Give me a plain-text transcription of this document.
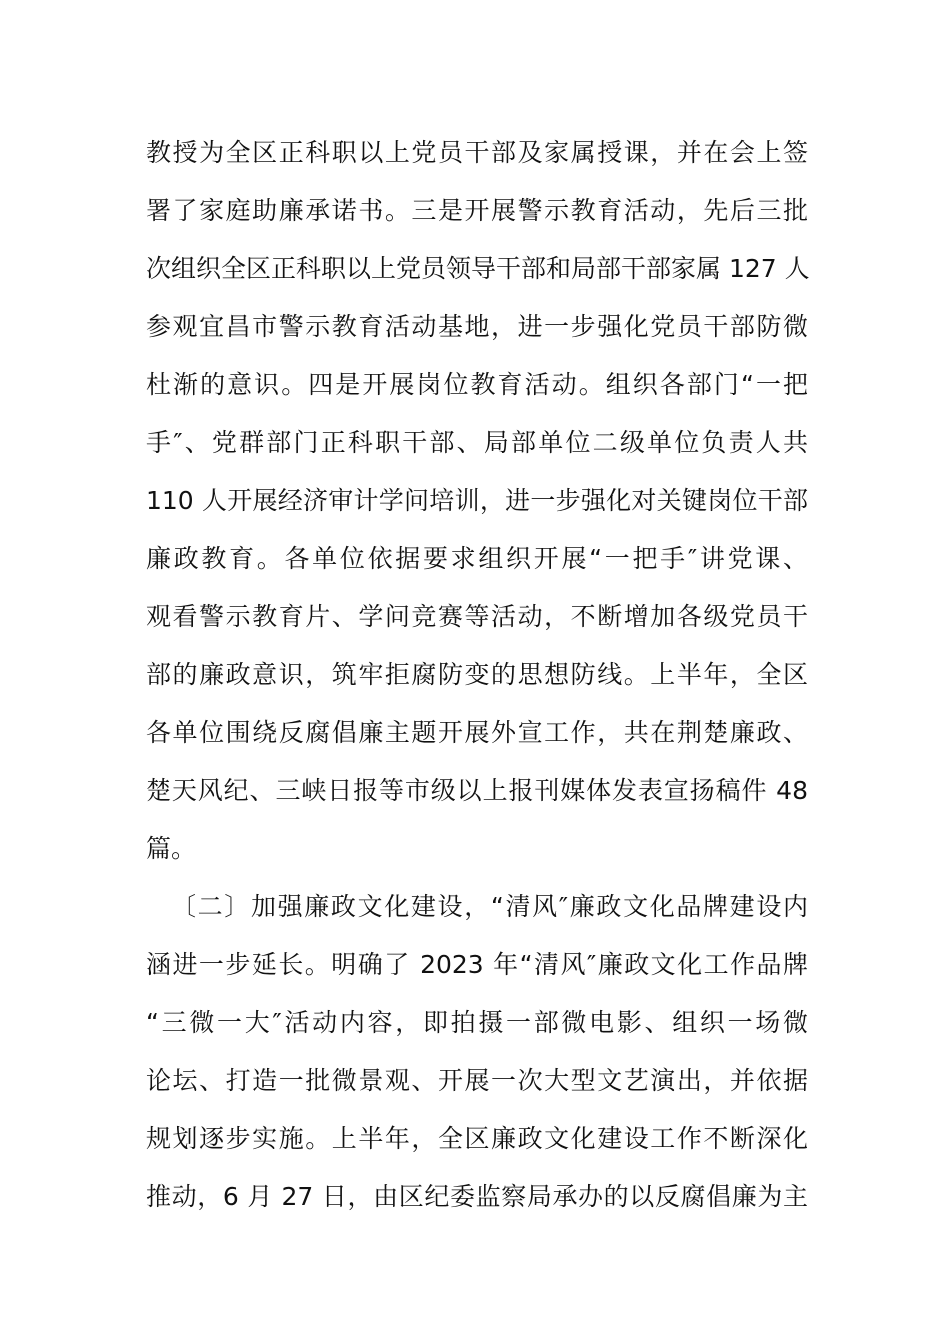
教授为全区正科职以上党员干部及家属授课，并在会上签
署了家庭助廉承诺书。三是开展警示教育活动，先后三批
次组织全区正科职以上党员领导干部和局部干部家属 127 人
参观宜昌市警示教育活动基地，进一步强化党员干部防微
杜渐的意识。四是开展岗位教育活动。组织各部门“一把
手″、党群部门正科职干部、局部单位二级单位负责人共
110 人开展经济审计学问培训，进一步强化对关键岗位干部
廉政教育。各单位依据要求组织开展“一把手″讲党课、
观看警示教育片、学问竞赛等活动，不断增加各级党员干
部的廉政意识，筑牢拒腐防变的思想防线。上半年，全区
各单位围绕反腐倡廉主题开展外宣工作，共在荆楚廉政、
楚天风纪、三峡日报等市级以上报刊媒体发表宣扬稿件 48
篇。
〔二〕加强廉政文化建设，“清风″廉政文化品牌建设内
涵进一步延长。明确了 2023 年“清风″廉政文化工作品牌
“三微一大″活动内容，即拍摄一部微电影、组织一场微
论坛、打造一批微景观、开展一次大型文艺演出，并依据
规划逐步实施。上半年，全区廉政文化建设工作不断深化
推动，6 月 27 日，由区纪委监察局承办的以反腐倡廉为主
